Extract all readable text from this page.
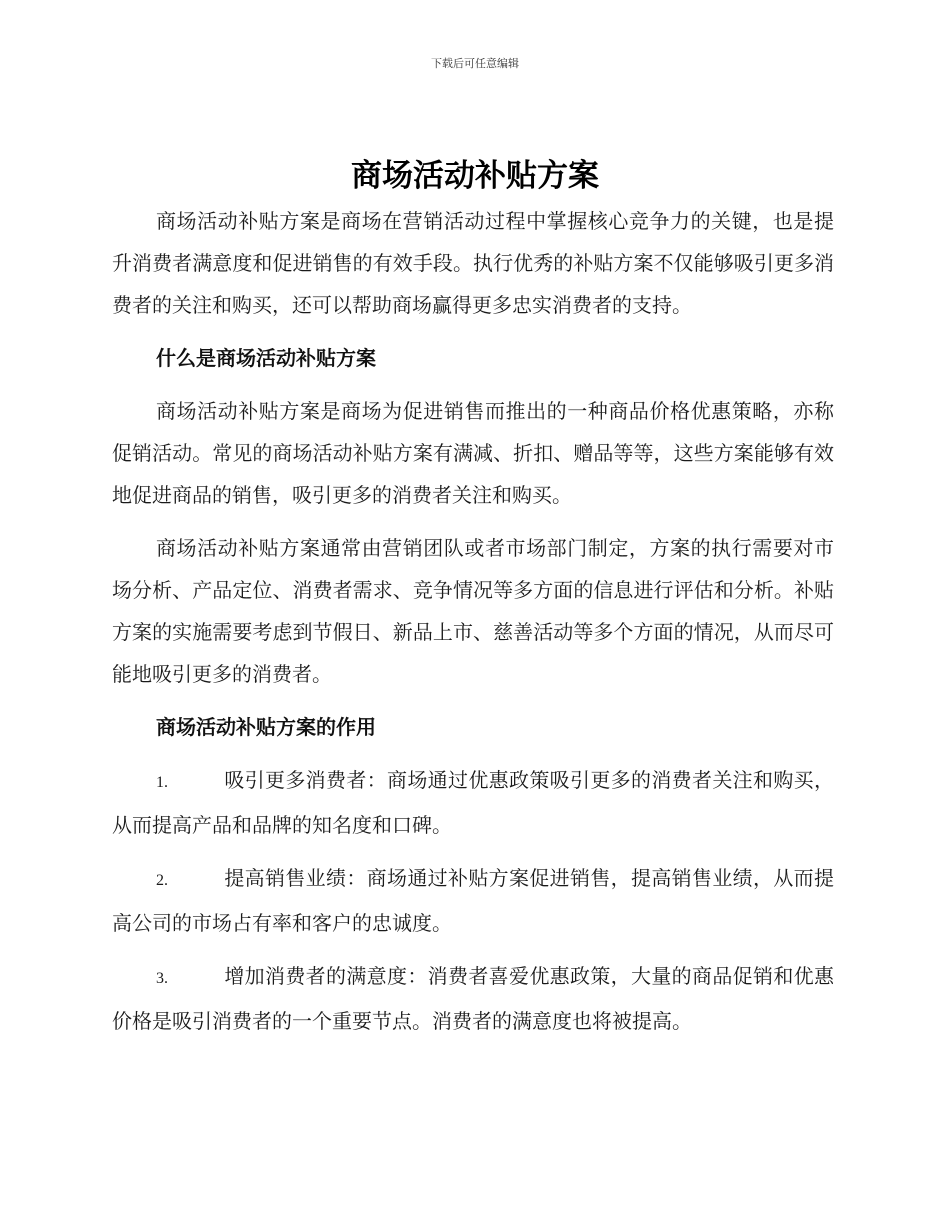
下载后可任意编辑
商场活动补贴方案

商场活动补贴方案是商场在营销活动过程中掌握核心竞争力的关键，也是提升消费者满意度和促进销售的有效手段。执行优秀的补贴方案不仅能够吸引更多消费者的关注和购买，还可以帮助商场赢得更多忠实消费者的支持。

什么是商场活动补贴方案

商场活动补贴方案是商场为促进销售而推出的一种商品价格优惠策略，亦称促销活动。常见的商场活动补贴方案有满减、折扣、赠品等等，这些方案能够有效地促进商品的销售，吸引更多的消费者关注和购买。

商场活动补贴方案通常由营销团队或者市场部门制定，方案的执行需要对市场分析、产品定位、消费者需求、竞争情况等多方面的信息进行评估和分析。补贴方案的实施需要考虑到节假日、新品上市、慈善活动等多个方面的情况，从而尽可能地吸引更多的消费者。

商场活动补贴方案的作用
1.	吸引更多消费者：商场通过优惠政策吸引更多的消费者关注和购买，从而提高产品和品牌的知名度和口碑。
2.	提高销售业绩：商场通过补贴方案促进销售，提高销售业绩，从而提高公司的市场占有率和客户的忠诚度。
3.	增加消费者的满意度：消费者喜爱优惠政策，大量的商品促销和优惠价格是吸引消费者的一个重要节点。消费者的满意度也将被提高。
